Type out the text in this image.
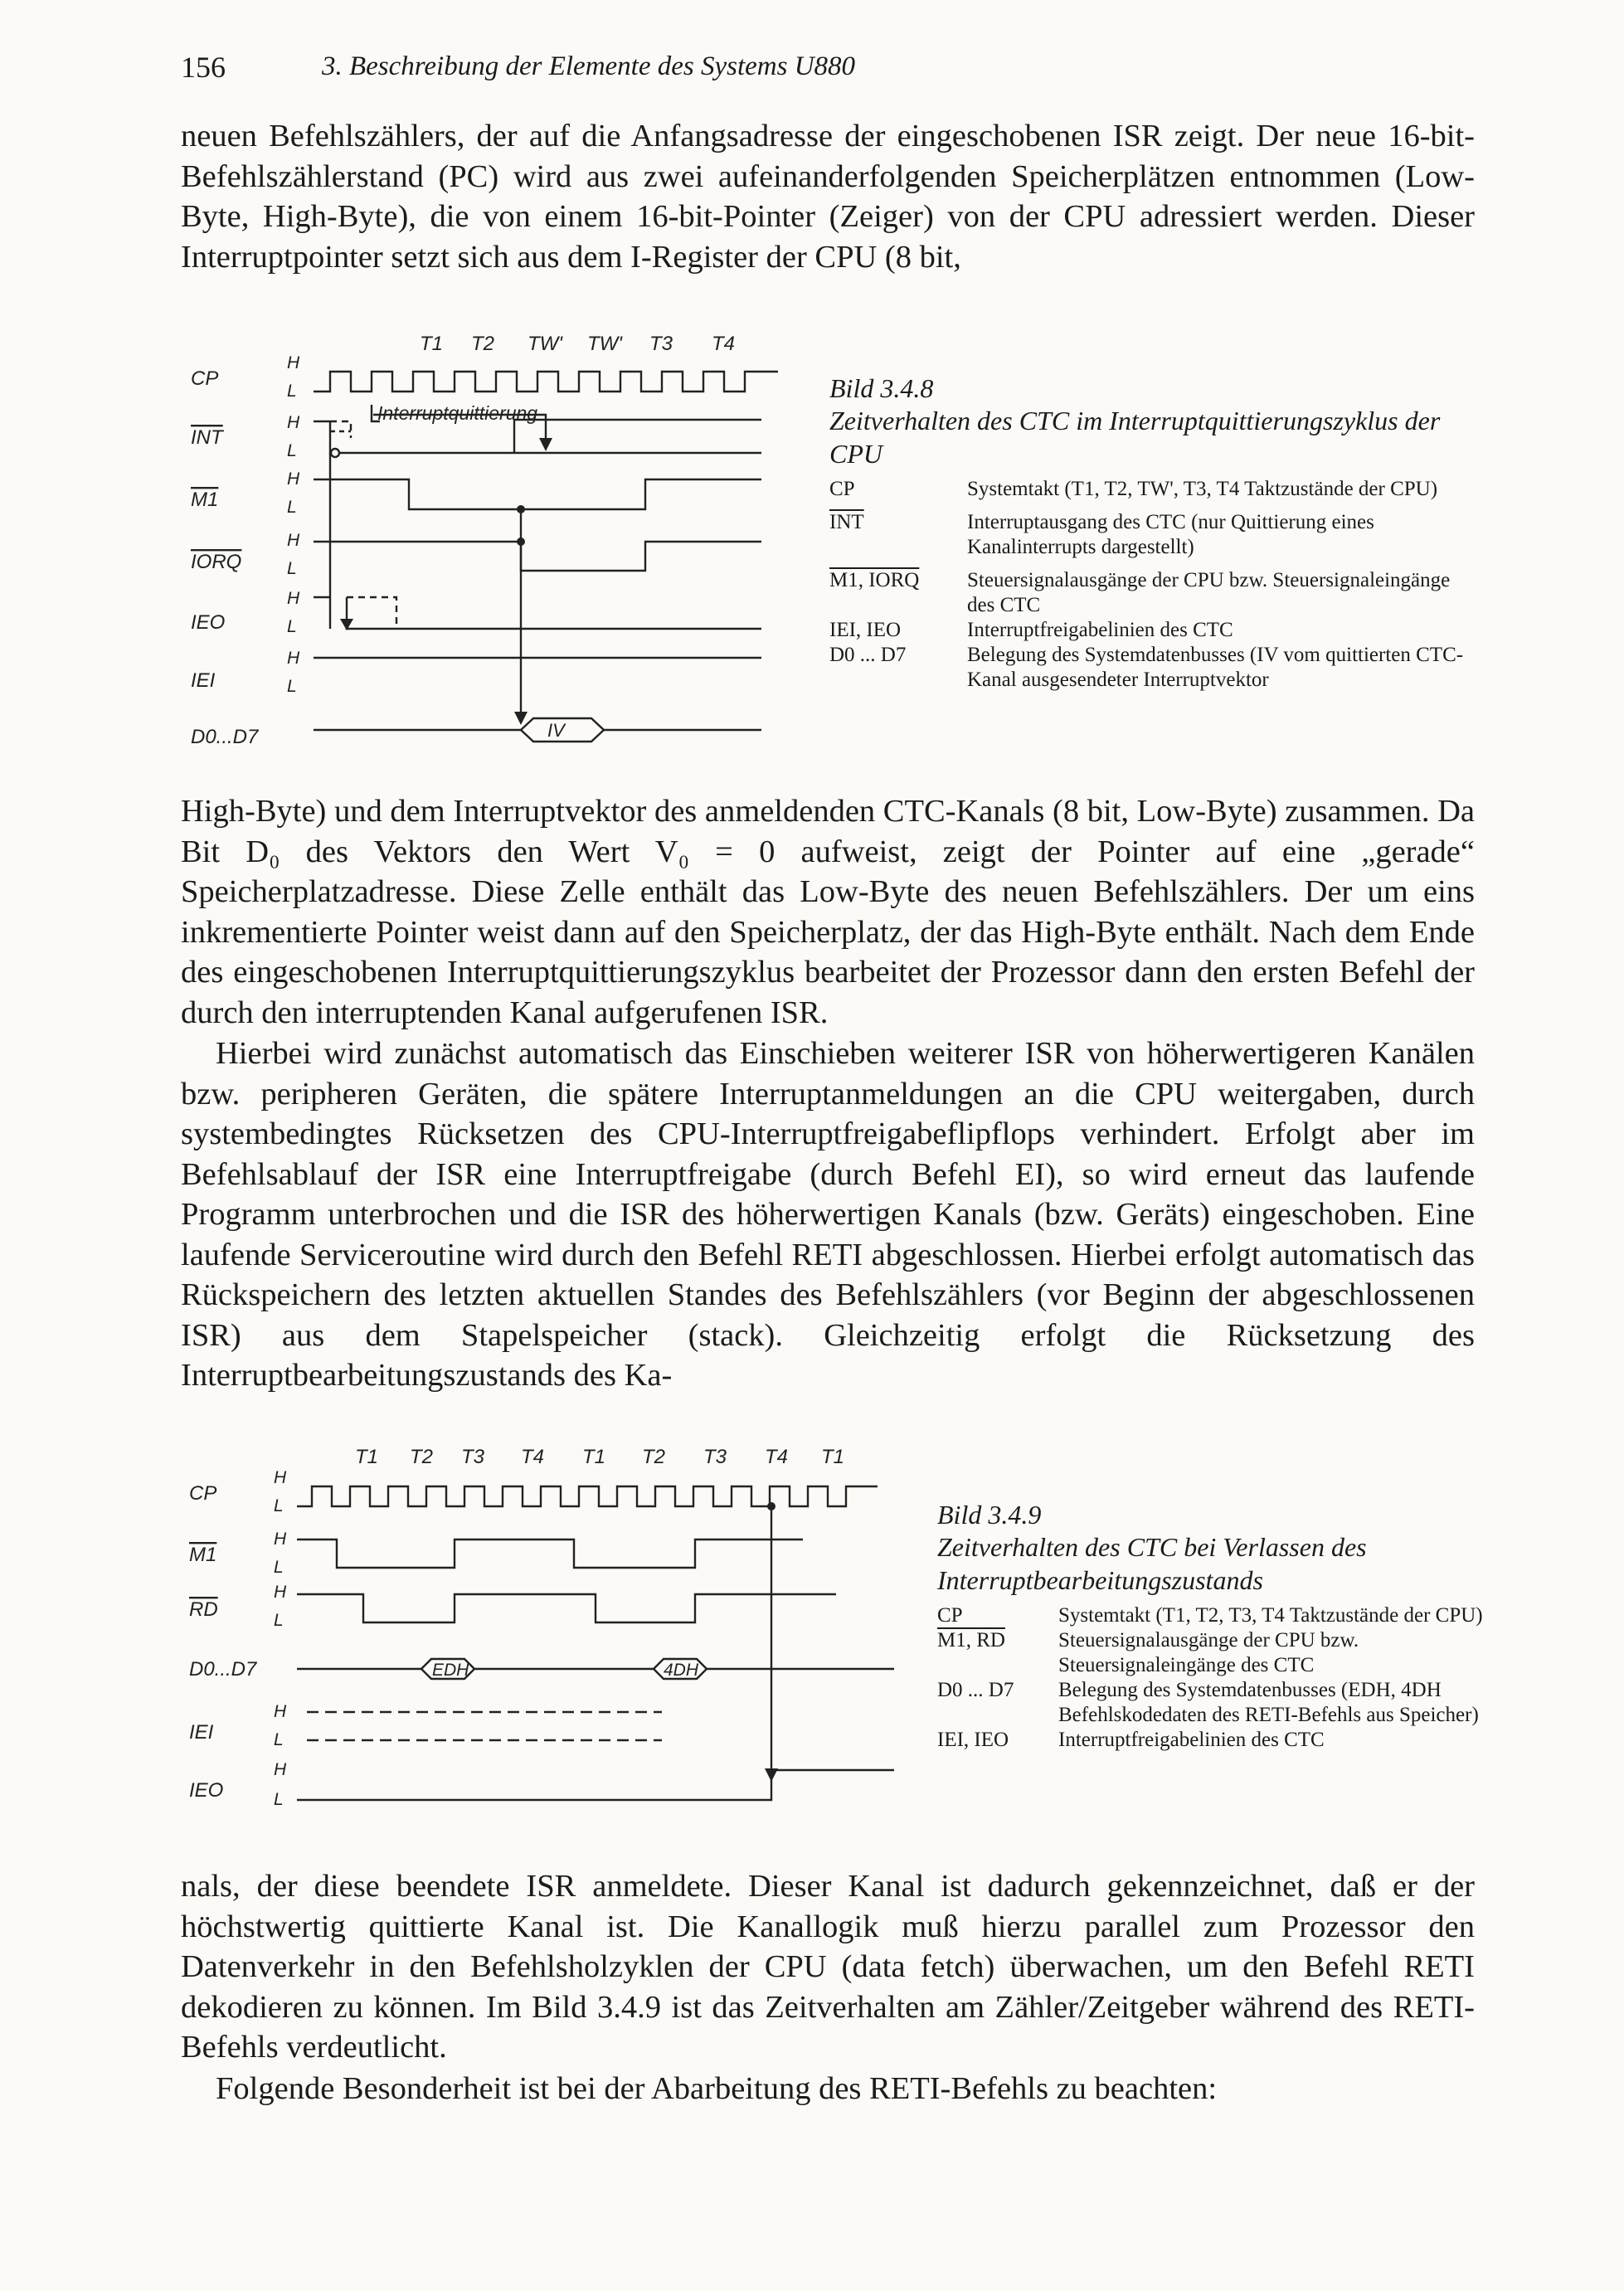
156	3. Beschreibung der Elemente des Systems U880

neuen Befehlszählers, der auf die Anfangsadresse der eingeschobenen ISR zeigt. Der neue 16-bit-Befehlszählerstand (PC) wird aus zwei aufeinanderfolgenden Speicherplätzen entnommen (Low-Byte, High-Byte), die von einem 16-bit-Pointer (Zeiger) von der CPU adressiert werden. Dieser Interruptpointer setzt sich aus dem I-Register der CPU (8 bit,

T1 T2 TW' TW' T3 T4
CP
INT
M1
IORQ
IEO
IEI
D0...D7
H
L
H
L
H
L
H
L
H
L
H
L
Interruptquittierung
IV
Bild 3.4.8
Zeitverhalten des CTC im Interruptquittierungszyklus der CPU
CP	Systemtakt (T1, T2, TW', T3, T4 Taktzustände der CPU)
$\overline{INT}$	Interruptausgang des CTC (nur Quittierung eines Kanalinterrupts dargestellt)
M1, IORQ	Steuersignalausgänge der CPU bzw. Steuersignaleingänge des CTC
IEI, IEO	Interruptfreigabelinien des CTC
D0 ... D7	Belegung des Systemdatenbusses (IV vom quittierten CTC-Kanal ausgesendeter Interruptvektor

High-Byte) und dem Interruptvektor des anmeldenden CTC-Kanals (8 bit, Low-Byte) zusammen. Da Bit D₀ des Vektors den Wert V₀ = 0 aufweist, zeigt der Pointer auf eine „gerade“ Speicherplatzadresse. Diese Zelle enthält das Low-Byte des neuen Befehlszählers. Der um eins inkrementierte Pointer weist dann auf den Speicherplatz, der das High-Byte enthält. Nach dem Ende des eingeschobenen Interruptquittierungszyklus bearbeitet der Prozessor dann den ersten Befehl der durch den interruptenden Kanal aufgerufenen ISR.

Hierbei wird zunächst automatisch das Einschieben weiterer ISR von höherwertigeren Kanälen bzw. peripheren Geräten, die spätere Interruptanmeldungen an die CPU weitergaben, durch systembedingtes Rücksetzen des CPU-Interruptfreigabeflipflops verhindert. Erfolgt aber im Befehlsablauf der ISR eine Interruptfreigabe (durch Befehl EI), so wird erneut das laufende Programm unterbrochen und die ISR des höherwertigen Kanals (bzw. Geräts) eingeschoben. Eine laufende Serviceroutine wird durch den Befehl RETI abgeschlossen. Hierbei erfolgt automatisch das Rückspeichern des letzten aktuellen Standes des Befehlszählers (vor Beginn der abgeschlossenen ISR) aus dem Stapelspeicher (stack). Gleichzeitig erfolgt die Rücksetzung des Interruptbearbeitungszustands des Ka-

T1 T2 T3 T4 T1 T2 T3 T4 T1
CP
M1
RD
D0...D7
IEI
IEO
H
L
H
L
H
L
H
L
H
L
EDH	4DH
Bild 3.4.9
Zeitverhalten des CTC bei Verlassen des Interruptbearbeitungszustands
CP	Systemtakt (T1, T2, T3, T4 Taktzustände der CPU)
M1, RD	Steuersignalausgänge der CPU bzw. Steuersignaleingänge des CTC
D0 ... D7	Belegung des Systemdatenbusses (EDH, 4DH Befehlskodedaten des RETI-Befehls aus Speicher)
IEI, IEO	Interruptfreigabelinien des CTC

nals, der diese beendete ISR anmeldete. Dieser Kanal ist dadurch gekennzeichnet, daß er der höchstwertig quittierte Kanal ist. Die Kanallogik muß hierzu parallel zum Prozessor den Datenverkehr in den Befehlsholzyklen der CPU (data fetch) überwachen, um den Befehl RETI dekodieren zu können. Im Bild 3.4.9 ist das Zeitverhalten am Zähler/Zeitgeber während des RETI-Befehls verdeutlicht.

Folgende Besonderheit ist bei der Abarbeitung des RETI-Befehls zu beachten:
